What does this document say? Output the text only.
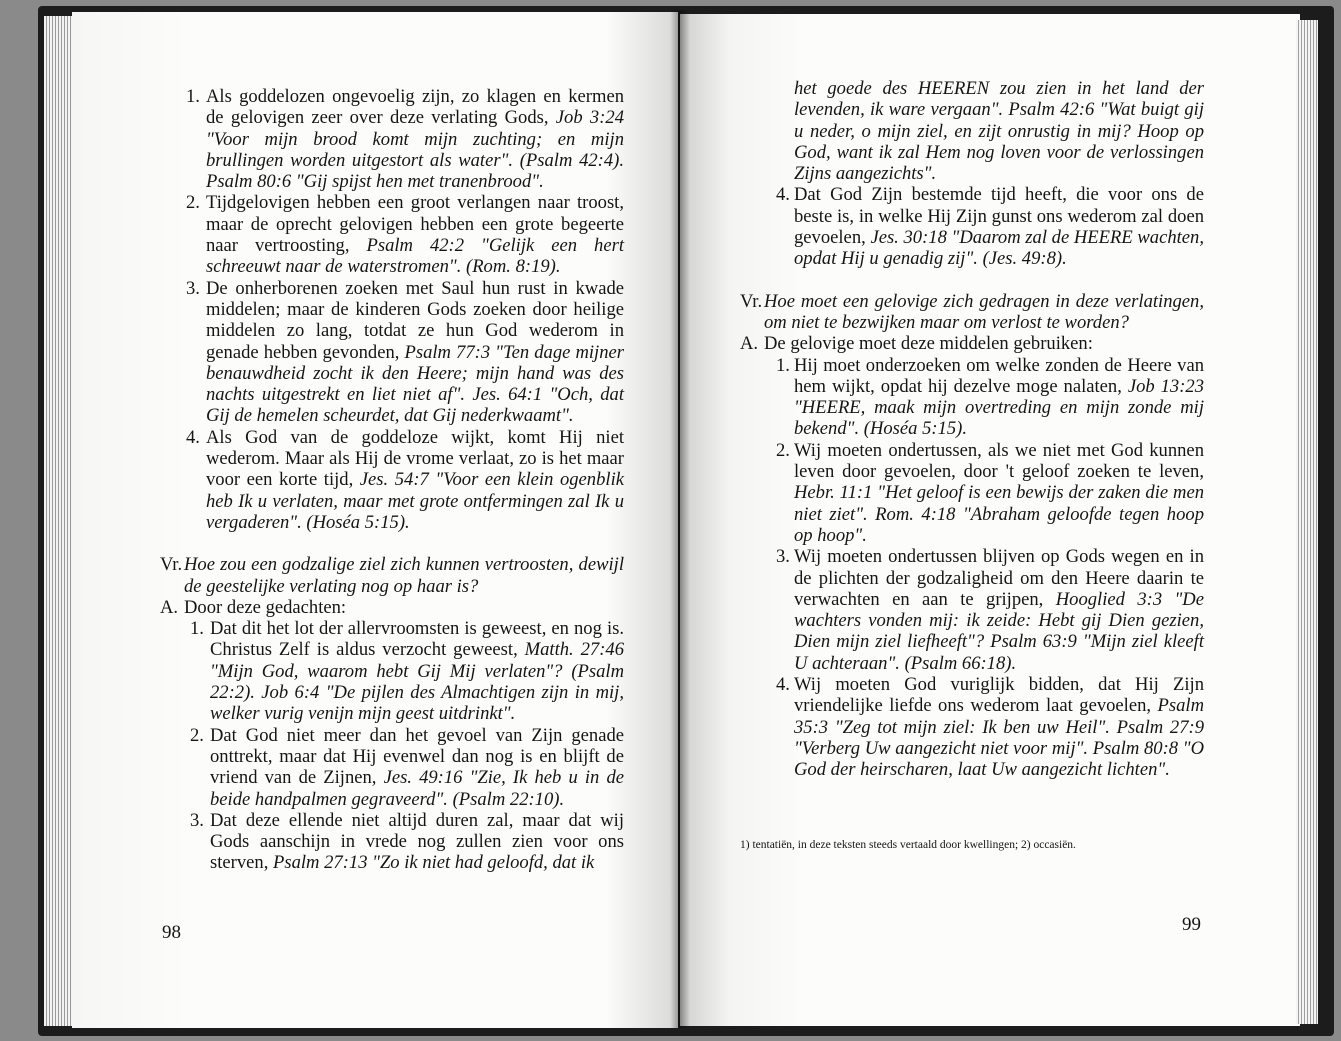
1. Als goddelozen ongevoelig zijn, zo klagen en kermen de gelovigen zeer over deze verlating Gods, Job 3:24 "Voor mijn brood komt mijn zuchting; en mijn brullingen worden uitgestort als water". (Psalm 42:4). Psalm 80:6 "Gij spijst hen met tranenbrood".
2. Tijdgelovigen hebben een groot verlangen naar troost, maar de oprecht gelovigen hebben een grote begeerte naar vertroosting, Psalm 42:2 "Gelijk een hert schreeuwt naar de waterstromen". (Rom. 8:19).
3. De onherborenen zoeken met Saul hun rust in kwade middelen; maar de kinderen Gods zoeken door heilige middelen zo lang, totdat ze hun God wederom in genade hebben gevonden, Psalm 77:3 "Ten dage mijner benauwdheid zocht ik den Heere; mijn hand was des nachts uitgestrekt en liet niet af". Jes. 64:1 "Och, dat Gij de hemelen scheurdet, dat Gij nederkwaamt".
4. Als God van de goddeloze wijkt, komt Hij niet wederom. Maar als Hij de vrome verlaat, zo is het maar voor een korte tijd, Jes. 54:7 "Voor een klein ogenblik heb Ik u verlaten, maar met grote ontfermingen zal Ik u vergaderen". (Hoséa 5:15).
Vr. Hoe zou een godzalige ziel zich kunnen vertroosten, dewijl de geestelijke verlating nog op haar is?
A. Door deze gedachten:
1. Dat dit het lot der allervroomsten is geweest, en nog is. Christus Zelf is aldus verzocht geweest, Matth. 27:46 "Mijn God, waarom hebt Gij Mij verlaten"? (Psalm 22:2). Job 6:4 "De pijlen des Almachtigen zijn in mij, welker vurig venijn mijn geest uitdrinkt".
2. Dat God niet meer dan het gevoel van Zijn genade onttrekt, maar dat Hij evenwel dan nog is en blijft de vriend van de Zijnen, Jes. 49:16 "Zie, Ik heb u in de beide handpalmen gegraveerd". (Psalm 22:10).
3. Dat deze ellende niet altijd duren zal, maar dat wij Gods aanschijn in vrede nog zullen zien voor ons sterven, Psalm 27:13 "Zo ik niet had geloofd, dat ik
98
het goede des HEEREN zou zien in het land der levenden, ik ware vergaan". Psalm 42:6 "Wat buigt gij u neder, o mijn ziel, en zijt onrustig in mij? Hoop op God, want ik zal Hem nog loven voor de verlossingen Zijns aangezichts".
4. Dat God Zijn bestemde tijd heeft, die voor ons de beste is, in welke Hij Zijn gunst ons wederom zal doen gevoelen, Jes. 30:18 "Daarom zal de HEERE wachten, opdat Hij u genadig zij". (Jes. 49:8).
Vr. Hoe moet een gelovige zich gedragen in deze verlatingen, om niet te bezwijken maar om verlost te worden?
A. De gelovige moet deze middelen gebruiken:
1. Hij moet onderzoeken om welke zonden de Heere van hem wijkt, opdat hij dezelve moge nalaten, Job 13:23 "HEERE, maak mijn overtreding en mijn zonde mij bekend". (Hoséa 5:15).
2. Wij moeten ondertussen, als we niet met God kunnen leven door gevoelen, door 't geloof zoeken te leven, Hebr. 11:1 "Het geloof is een bewijs der zaken die men niet ziet". Rom. 4:18 "Abraham geloofde tegen hoop op hoop".
3. Wij moeten ondertussen blijven op Gods wegen en in de plichten der godzaligheid om den Heere daarin te verwachten en aan te grijpen, Hooglied 3:3 "De wachters vonden mij: ik zeide: Hebt gij Dien gezien, Dien mijn ziel liefheeft"? Psalm 63:9 "Mijn ziel kleeft U achteraan". (Psalm 66:18).
4. Wij moeten God vuriglijk bidden, dat Hij Zijn vriendelijke liefde ons wederom laat gevoelen, Psalm 35:3 "Zeg tot mijn ziel: Ik ben uw Heil". Psalm 27:9 "Verberg Uw aangezicht niet voor mij". Psalm 80:8 "O God der heirscharen, laat Uw aangezicht lichten".
1) tentatiën, in deze teksten steeds vertaald door kwellingen; 2) occasiën.
99
